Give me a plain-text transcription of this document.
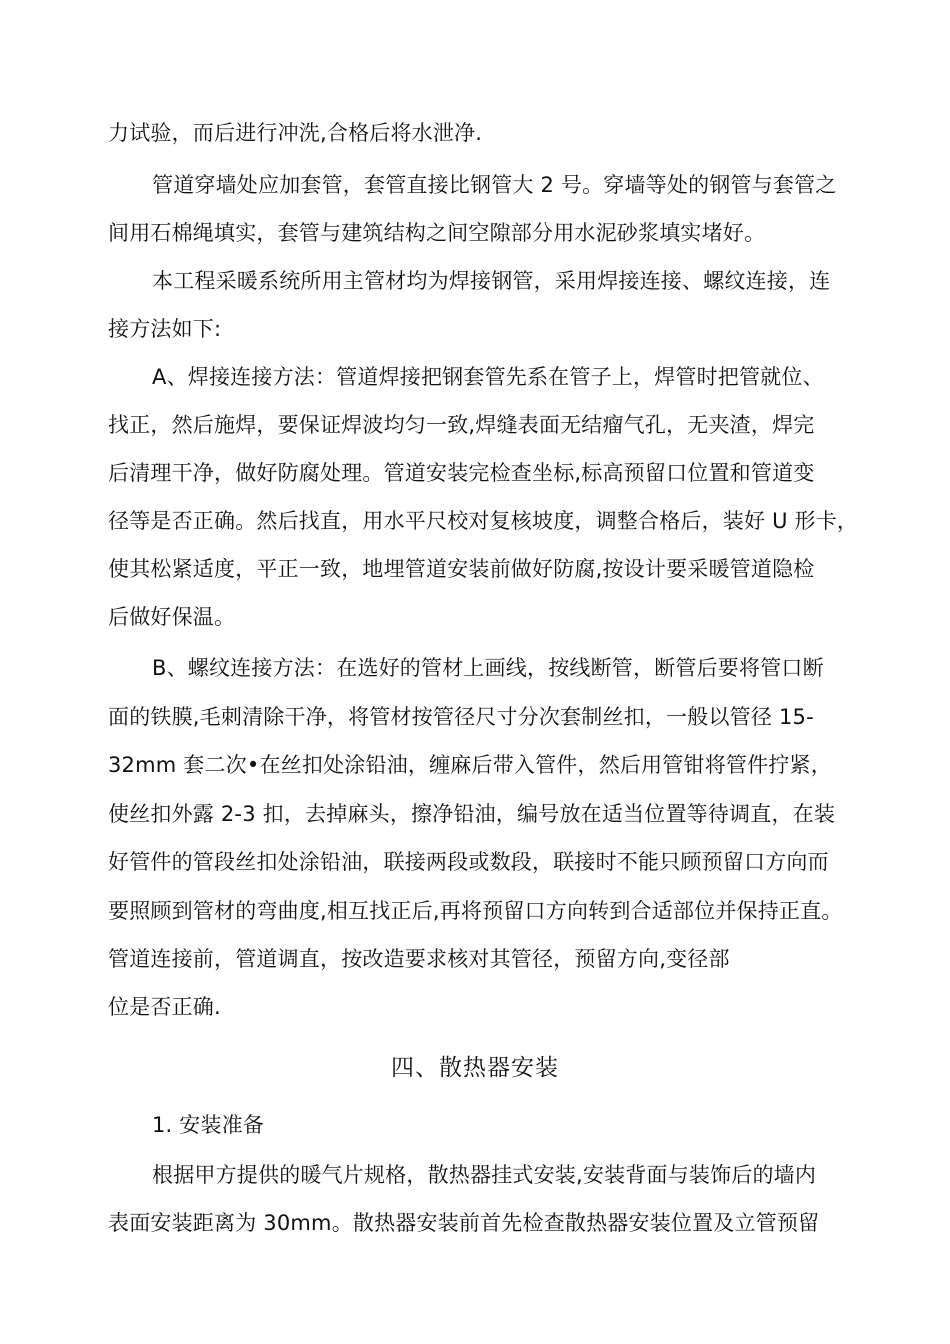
力试验，而后进行冲洗,合格后将水泄净.
管道穿墙处应加套管，套管直接比钢管大 2 号。穿墙等处的钢管与套管之
间用石棉绳填实，套管与建筑结构之间空隙部分用水泥砂浆填实堵好。
本工程采暖系统所用主管材均为焊接钢管，采用焊接连接、螺纹连接，连
接方法如下:
A、焊接连接方法：管道焊接把钢套管先系在管子上，焊管时把管就位、
找正，然后施焊，要保证焊波均匀一致,焊缝表面无结瘤气孔，无夹渣，焊完
后清理干净，做好防腐处理。管道安装完检查坐标,标高预留口位置和管道变
径等是否正确。然后找直，用水平尺校对复核坡度，调整合格后，装好 U 形卡，
使其松紧适度，平正一致，地埋管道安装前做好防腐,按设计要采暖管道隐检
后做好保温。
B、螺纹连接方法：在选好的管材上画线，按线断管，断管后要将管口断
面的铁膜,毛刺清除干净，将管材按管径尺寸分次套制丝扣，一般以管径 15-
32mm 套二次•在丝扣处涂铅油，缠麻后带入管件，然后用管钳将管件拧紧，
使丝扣外露 2-3 扣，去掉麻头，擦净铅油，编号放在适当位置等待调直，在装
好管件的管段丝扣处涂铅油，联接两段或数段，联接时不能只顾预留口方向而
要照顾到管材的弯曲度,相互找正后,再将预留口方向转到合适部位并保持正直。
管道连接前，管道调直，按改造要求核对其管径，预留方向,变径部
位是否正确.
四、散热器安装
1. 安装准备
根据甲方提供的暖气片规格，散热器挂式安装,安装背面与装饰后的墙内
表面安装距离为 30mm。散热器安装前首先检查散热器安装位置及立管预留
